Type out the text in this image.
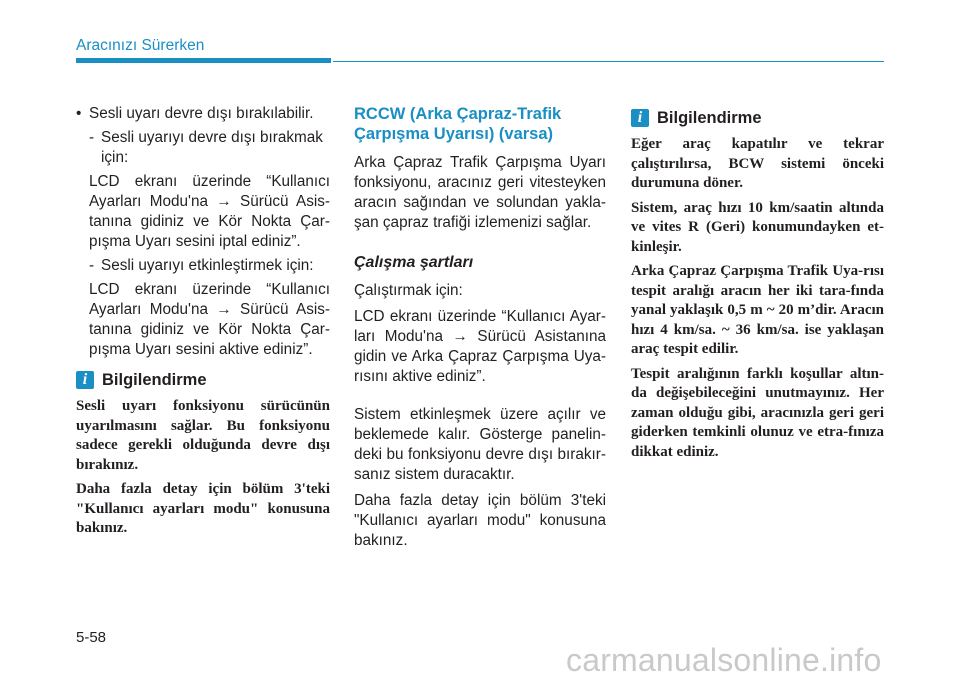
Aracınızı Sürerken
• Sesli uyarı devre dışı bırakılabilir.
- Sesli uyarıyı devre dışı bırakmak için:
LCD ekranı üzerinde “Kullanıcı Ayarları Modu'na → Sürücü Asis-tanına gidiniz ve Kör Nokta Çar-pışma Uyarı sesini iptal ediniz”.
- Sesli uyarıyı etkinleştirmek için:
LCD ekranı üzerinde “Kullanıcı Ayarları Modu'na → Sürücü Asis-tanına gidiniz ve Kör Nokta Çar-pışma Uyarı sesini aktive ediniz”.
i Bilgilendirme

Sesli uyarı fonksiyonu sürücünün uyarılmasını sağlar. Bu fonksiyonu sadece gerekli olduğunda devre dışı bırakınız.

Daha fazla detay için bölüm 3'teki "Kullanıcı ayarları modu" konusuna bakınız.

RCCW (Arka Çapraz-Trafik Çarpışma Uyarısı) (varsa)

Arka Çapraz Trafik Çarpışma Uyarı fonksiyonu, aracınız geri vitesteyken aracın sağından ve solundan yakla-şan çapraz trafiği izlemenizi sağlar.

Çalışma şartları

Çalıştırmak için:

LCD ekranı üzerinde “Kullanıcı Ayar-ları Modu'na → Sürücü Asistanına gidin ve Arka Çapraz Çarpışma Uya-rısını aktive ediniz”.

Sistem etkinleşmek üzere açılır ve beklemede kalır. Gösterge panelin-deki bu fonksiyonu devre dışı bırakır-sanız sistem duracaktır.

Daha fazla detay için bölüm 3'teki "Kullanıcı ayarları modu" konusuna bakınız.

i Bilgilendirme

Eğer araç kapatılır ve tekrar çalıştırılırsa, BCW sistemi önceki durumuna döner.

Sistem, araç hızı 10 km/saatin altında ve vites R (Geri) konumundayken et-kinleşir.

Arka Çapraz Çarpışma Trafik Uya-rısı tespit aralığı aracın her iki tara-fında yanal yaklaşık 0,5 m ~ 20 m’dir. Aracın hızı 4 km/sa. ~ 36 km/sa. ise yaklaşan araç tespit edilir.

Tespit aralığının farklı koşullar altın-da değişebileceğini unutmayınız. Her zaman olduğu gibi, aracınızla geri geri giderken temkinli olunuz ve etra-fınıza dikkat ediniz.

5-58
carmanualsonline.info
